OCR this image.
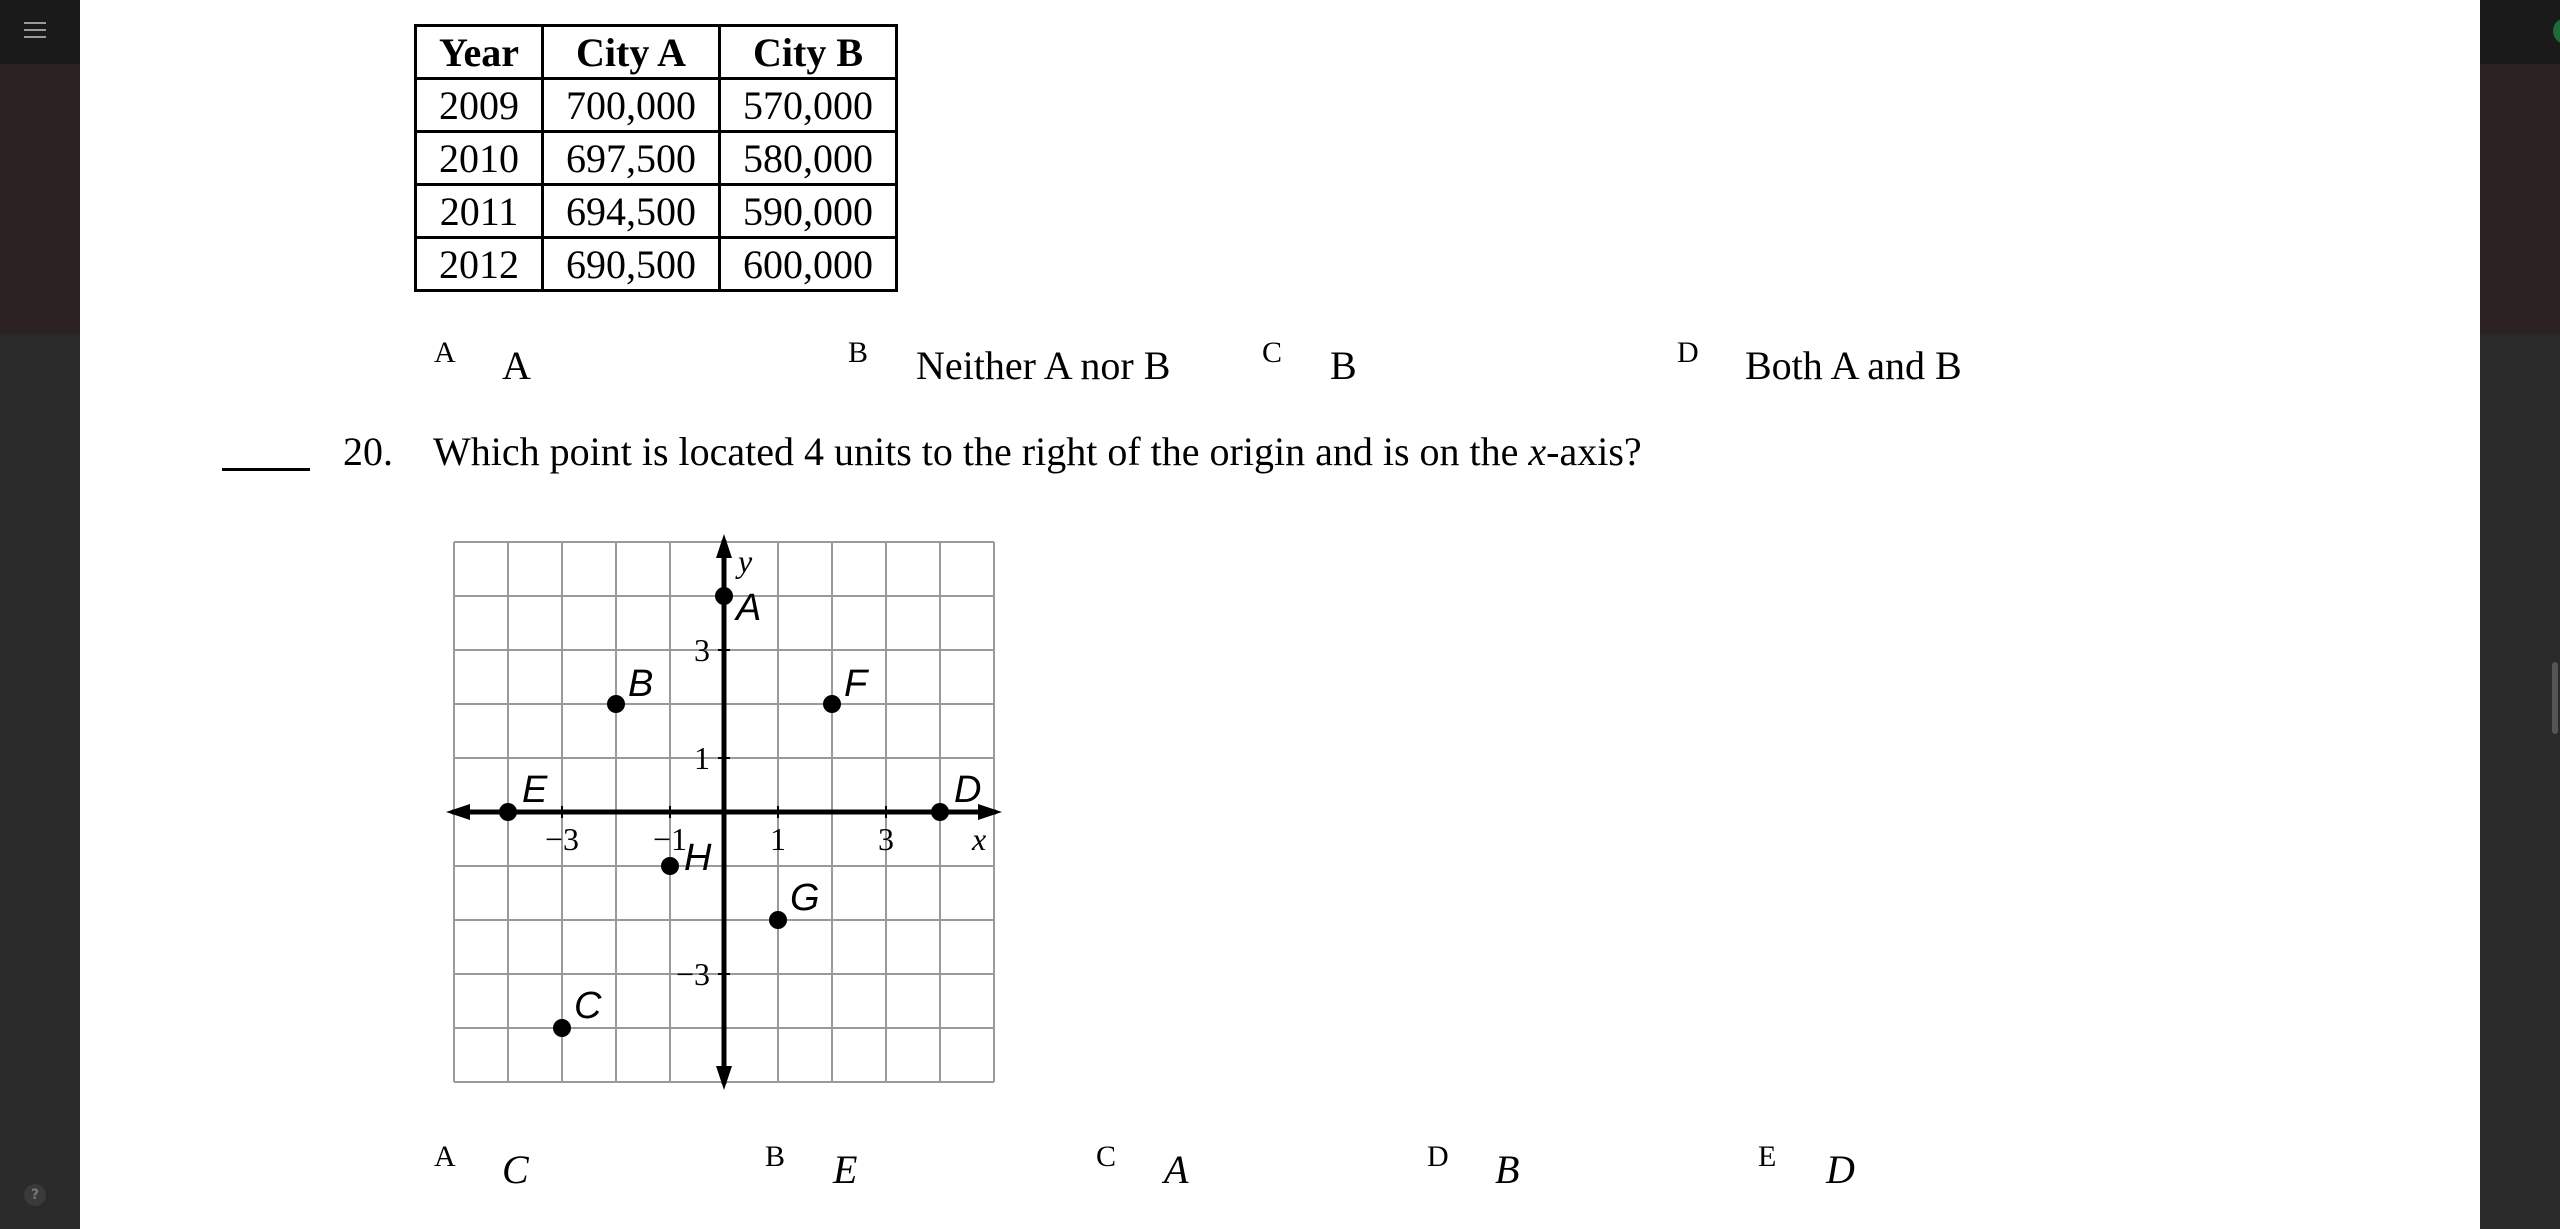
?
Year	City A	City B
2009	700,000	570,000
2010	697,500	580,000
2011	694,500	590,000
2012	690,500	600,000
A A	B Neither A nor B	C B	D Both A and B
20. Which point is located 4 units to the right of the origin and is on the x-axis?
x
y
−3 −1	1	3
3
1
−3
A
B
C
D
E
F
G
H
A C	B E	C A	D B	E D
